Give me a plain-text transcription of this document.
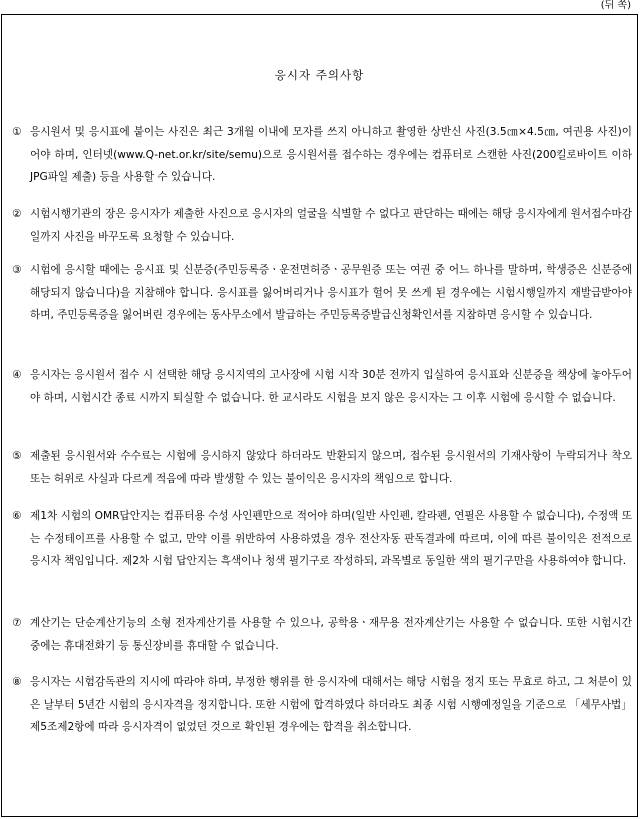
(뒤 쪽)
응시자 주의사항
① 응시원서 및 응시표에 붙이는 사진은 최근 3개월 이내에 모자를 쓰지 아니하고 촬영한 상반신 사진(3.5㎝×4.5㎝, 여권용 사진)이어야 하며, 인터넷(www.Q-net.or.kr/site/semu)으로 응시원서를 접수하는 경우에는 컴퓨터로 스캔한 사진(200킬로바이트 이하 JPG파일 제출) 등을 사용할 수 있습니다.
② 시험시행기관의 장은 응시자가 제출한 사진으로 응시자의 얼굴을 식별할 수 없다고 판단하는 때에는 해당 응시자에게 원서접수마감일까지 사진을 바꾸도록 요청할 수 있습니다.
③ 시험에 응시할 때에는 응시표 및 신분증(주민등록증ㆍ운전면허증ㆍ공무원증 또는 여권 중 어느 하나를 말하며, 학생증은 신분증에 해당되지 않습니다)을 지참해야 합니다. 응시표를 잃어버리거나 응시표가 헐어 못 쓰게 된 경우에는 시험시행일까지 재발급받아야 하며, 주민등록증을 잃어버린 경우에는 동사무소에서 발급하는 주민등록증발급신청확인서를 지참하면 응시할 수 있습니다.
④ 응시자는 응시원서 접수 시 선택한 해당 응시지역의 고사장에 시험 시작 30분 전까지 입실하여 응시표와 신분증을 책상에 놓아두어야 하며, 시험시간 종료 시까지 퇴실할 수 없습니다. 한 교시라도 시험을 보지 않은 응시자는 그 이후 시험에 응시할 수 없습니다.
⑤ 제출된 응시원서와 수수료는 시험에 응시하지 않았다 하더라도 반환되지 않으며, 접수된 응시원서의 기재사항이 누락되거나 착오 또는 허위로 사실과 다르게 적음에 따라 발생할 수 있는 불이익은 응시자의 책임으로 합니다.
⑥ 제1차 시험의 OMR답안지는 컴퓨터용 수성 사인펜만으로 적어야 하며(일반 사인펜, 칼라펜, 연필은 사용할 수 없습니다), 수정액 또는 수정테이프를 사용할 수 없고, 만약 이를 위반하여 사용하였을 경우 전산자동 판독결과에 따르며, 이에 따른 불이익은 전적으로 응시자 책임입니다. 제2차 시험 답안지는 흑색이나 청색 필기구로 작성하되, 과목별로 동일한 색의 필기구만을 사용하여야 합니다.
⑦ 계산기는 단순계산기능의 소형 전자계산기를 사용할 수 있으나, 공학용ㆍ재무용 전자계산기는 사용할 수 없습니다. 또한 시험시간 중에는 휴대전화기 등 통신장비를 휴대할 수 없습니다.
⑧ 응시자는 시험감독관의 지시에 따라야 하며, 부정한 행위를 한 응시자에 대해서는 해당 시험을 정지 또는 무효로 하고, 그 처분이 있은 날부터 5년간 시험의 응시자격을 정지합니다. 또한 시험에 합격하였다 하더라도 최종 시험 시행예정일을 기준으로 「세무사법」 제5조제2항에 따라 응시자격이 없었던 것으로 확인된 경우에는 합격을 취소합니다.
